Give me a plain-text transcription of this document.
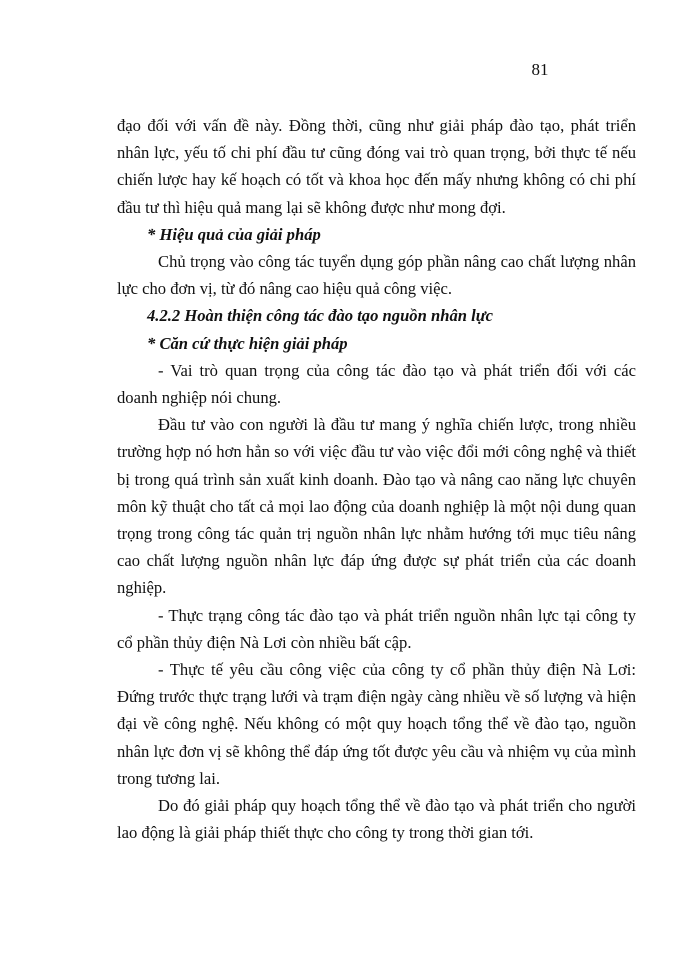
81

đạo đối với vấn đề này. Đồng thời, cũng như giải pháp đào tạo, phát triển nhân lực, yếu tố chi phí đầu tư cũng đóng vai trò quan trọng, bởi thực tế nếu chiến lược hay kế hoạch có tốt và khoa học đến mấy nhưng không có chi phí đầu tư thì hiệu quả mang lại sẽ không được như mong đợi.

* Hiệu quả của giải pháp

Chủ trọng vào công tác tuyển dụng góp phần nâng cao chất lượng nhân lực cho đơn vị, từ đó nâng cao hiệu quả công việc.

4.2.2 Hoàn thiện công tác đào tạo nguồn nhân lực

* Căn cứ thực hiện giải pháp

- Vai trò quan trọng của công tác đào tạo và phát triển đối với các doanh nghiệp nói chung.

Đầu tư vào con người là đầu tư mang ý nghĩa chiến lược, trong nhiều trường hợp nó hơn hẳn so với việc đầu tư vào việc đổi mới công nghệ và thiết bị trong quá trình sản xuất kinh doanh. Đào tạo và nâng cao năng lực chuyên môn kỹ thuật cho tất cả mọi lao động của doanh nghiệp là một nội dung quan trọng trong công tác quản trị nguồn nhân lực nhằm hướng tới mục tiêu nâng cao chất lượng nguồn nhân lực đáp ứng được sự phát triển của các doanh nghiệp.

- Thực trạng công tác đào tạo và phát triển nguồn nhân lực tại công ty cổ phần thủy điện Nà Lơi còn nhiều bất cập.

- Thực tế yêu cầu công việc của công ty cổ phần thủy điện Nà Lơi: Đứng trước thực trạng lưới và trạm điện ngày càng nhiều về số lượng và hiện đại về công nghệ. Nếu không có một quy hoạch tổng thể về đào tạo, nguồn nhân lực đơn vị sẽ không thể đáp ứng tốt được yêu cầu và nhiệm vụ của mình trong tương lai.

Do đó giải pháp quy hoạch tổng thể về đào tạo và phát triển cho người lao động là giải pháp thiết thực cho công ty trong thời gian tới.
